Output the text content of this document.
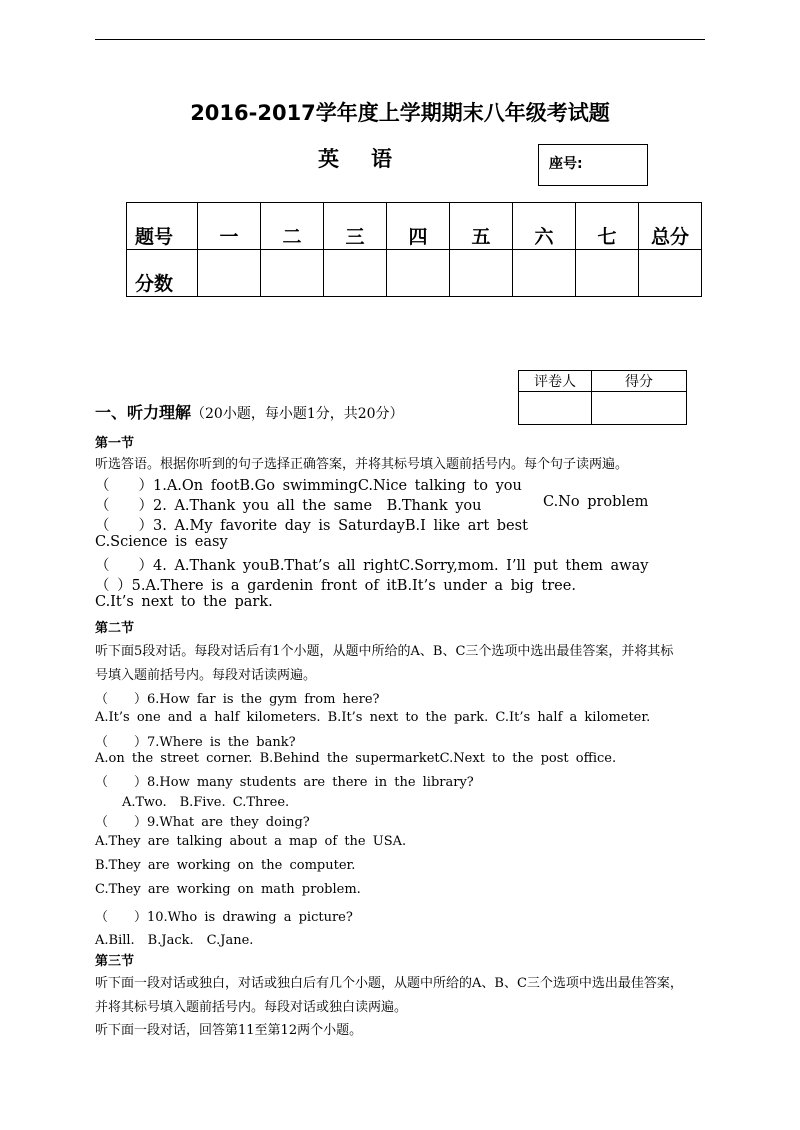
2016-2017学年度上学期期末八年级考试题
英语	座号:
题号	一	二	三	四	五	六	七	总分
分数								
评卷人	得分

一、听力理解（20小题，每小题1分，共20分）
第一节
听选答语。根据你听到的句子选择正确答案，并将其标号填入题前括号内。每个句子读两遍。
（　　）1.A.On footB.Go swimmingC.Nice talking to you
（　　）2. A.Thank you all the same　B.Thank you	C.No problem
（　　）3. A.My favorite day is SaturdayB.I like art best
C.Science is easy
（　　）4. A.Thank youB.That’s all rightC.Sorry,mom. I’ll put them away
（ ）5.A.There is a gardenin front of itB.It’s under a big tree.
C.It’s next to the park.
第二节
听下面5段对话。每段对话后有1个小题，从题中所给的A、B、C三个选项中选出最佳答案，并将其标
号填入题前括号内。每段对话读两遍。
（　　）6.How far is the gym from here?
A.It’s one and a half kilometers. B.It’s next to the park. C.It’s half a kilometer.
（　　）7.Where is the bank?
A.on the street corner. B.Behind the supermarketC.Next to the post office.
（　　）8.How many students are there in the library?
A.Two.　B.Five. C.Three.
（　　）9.What are they doing?
A.They are talking about a map of the USA.
B.They are working on the computer.
C.They are working on math problem.
（　　）10.Who is drawing a picture?
A.Bill.　B.Jack.　C.Jane.
第三节
听下面一段对话或独白，对话或独白后有几个小题，从题中所给的A、B、C三个选项中选出最佳答案，
并将其标号填入题前括号内。每段对话或独白读两遍。
听下面一段对话，回答第11至第12两个小题。
